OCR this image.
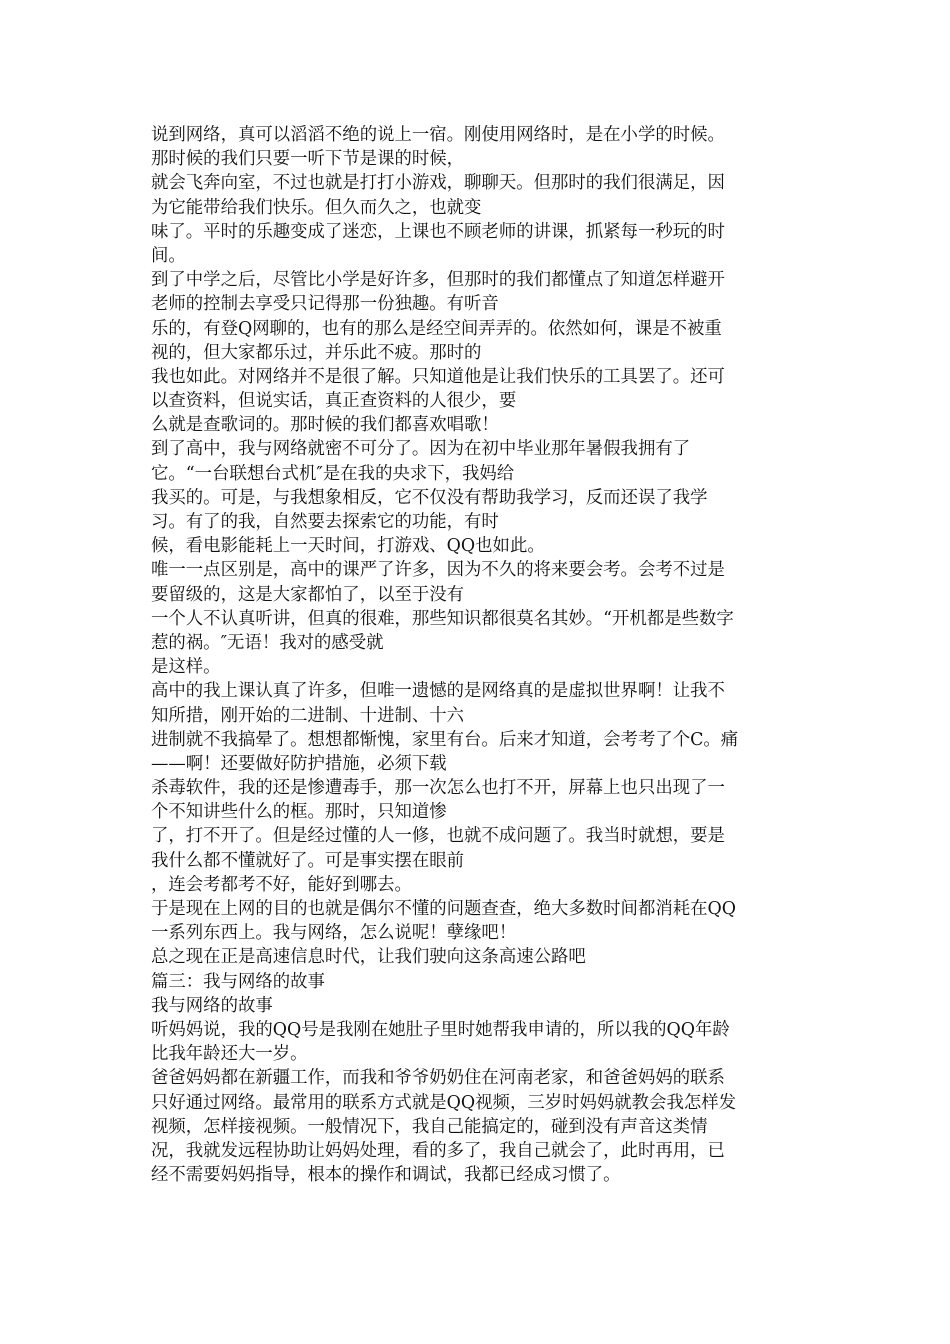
说到网络，真可以滔滔不绝的说上一宿。刚使用网络时，是在小学的时候。
那时候的我们只要一听下节是课的时候，
就会飞奔向室，不过也就是打打小游戏，聊聊天。但那时的我们很满足，因
为它能带给我们快乐。但久而久之，也就变
味了。平时的乐趣变成了迷恋，上课也不顾老师的讲课，抓紧每一秒玩的时
间。
到了中学之后，尽管比小学是好许多，但那时的我们都懂点了知道怎样避开
老师的控制去享受只记得那一份独趣。有听音
乐的，有登Q网聊的，也有的那么是经空间弄弄的。依然如何，课是不被重
视的，但大家都乐过，并乐此不疲。那时的
我也如此。对网络并不是很了解。只知道他是让我们快乐的工具罢了。还可
以查资料，但说实话，真正查资料的人很少，要
么就是查歌词的。那时候的我们都喜欢唱歌！
到了高中，我与网络就密不可分了。因为在初中毕业那年暑假我拥有了
它。“一台联想台式机″是在我的央求下，我妈给
我买的。可是，与我想象相反，它不仅没有帮助我学习，反而还误了我学
习。有了的我，自然要去探索它的功能，有时
候，看电影能耗上一天时间，打游戏、QQ也如此。
唯一一点区别是，高中的课严了许多，因为不久的将来要会考。会考不过是
要留级的，这是大家都怕了，以至于没有
一个人不认真听讲，但真的很难，那些知识都很莫名其妙。“开机都是些数字
惹的祸。″无语！我对的感受就
是这样。
高中的我上课认真了许多，但唯一遗憾的是网络真的是虚拟世界啊！让我不
知所措，刚开始的二进制、十进制、十六
进制就不我搞晕了。想想都惭愧，家里有台。后来才知道，会考考了个C。痛
——啊！还要做好防护措施，必须下载
杀毒软件，我的还是惨遭毒手，那一次怎么也打不开，屏幕上也只出现了一
个不知讲些什么的框。那时，只知道惨
了，打不开了。但是经过懂的人一修，也就不成问题了。我当时就想，要是
我什么都不懂就好了。可是事实摆在眼前
，连会考都考不好，能好到哪去。
于是现在上网的目的也就是偶尔不懂的问题查查，绝大多数时间都消耗在QQ
一系列东西上。我与网络，怎么说呢！孽缘吧！
总之现在正是高速信息时代，让我们驶向这条高速公路吧
篇三：我与网络的故事
我与网络的故事
听妈妈说，我的QQ号是我刚在她肚子里时她帮我申请的，所以我的QQ年龄
比我年龄还大一岁。
爸爸妈妈都在新疆工作，而我和爷爷奶奶住在河南老家，和爸爸妈妈的联系
只好通过网络。最常用的联系方式就是QQ视频，三岁时妈妈就教会我怎样发
视频，怎样接视频。一般情况下，我自己能搞定的，碰到没有声音这类情
况，我就发远程协助让妈妈处理，看的多了，我自己就会了，此时再用，已
经不需要妈妈指导，根本的操作和调试，我都已经成习惯了。
